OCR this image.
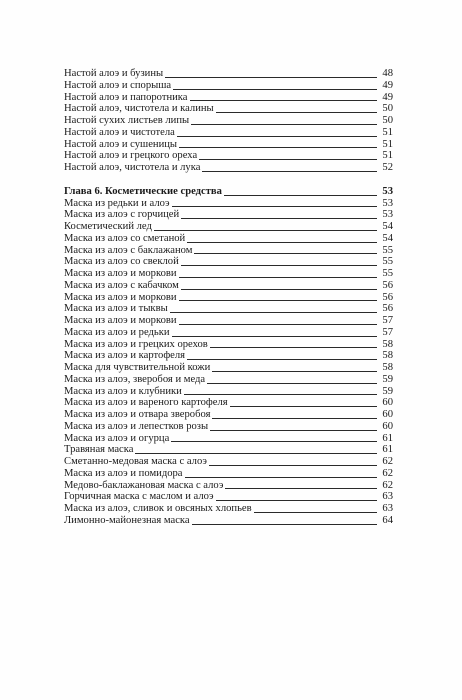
Настой алоэ и бузины	48
Настой алоэ и спорыша	49
Настой алоэ и папоротника	49
Настой алоэ, чистотела и калины	50
Настой сухих листьев липы	50
Настой алоэ и чистотела	51
Настой алоэ и сушеницы	51
Настой алоэ и грецкого ореха	51
Настой алоэ, чистотела и лука	52
Глава 6. Косметические средства	53
Маска из редьки и алоэ	53
Маска из алоэ с горчицей	53
Косметический лед	54
Маска из алоэ со сметаной	54
Маска из алоэ с баклажаном	55
Маска из алоэ со свеклой	55
Маска из алоэ и моркови	55
Маска из алоэ с кабачком	56
Маска из алоэ и моркови	56
Маска из алоэ и тыквы	56
Маска из алоэ и моркови	57
Маска из алоэ и редьки	57
Маска из алоэ и грецких орехов	58
Маска из алоэ и картофеля	58
Маска для чувствительной кожи	58
Маска из алоэ, зверобоя и меда	59
Маска из алоэ и клубники	59
Маска из алоэ и вареного картофеля	60
Маска из алоэ и отвара зверобоя	60
Маска из алоэ и лепестков розы	60
Маска из алоэ и огурца	61
Травяная маска	61
Сметанно-медовая маска с алоэ	62
Маска из алоэ и помидора	62
Медово-баклажановая маска с алоэ	62
Горчичная маска с маслом и алоэ	63
Маска из алоэ, сливок и овсяных хлопьев	63
Лимонно-майонезная маска	64
